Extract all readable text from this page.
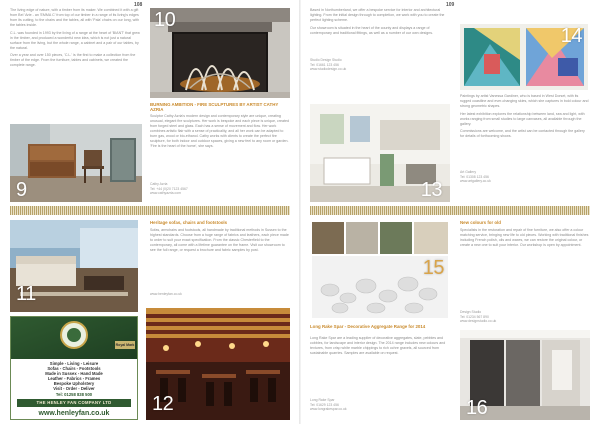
108

The living edge of nature, with a timber from its maker. We combined it with a gift from Bel 'Arte - an 'EMMA C' from top of our timber in a range of its living's edges from its cutting, to the chairs and the tables, all with 'Pala' chairs on our long, with the tables inside.

C.L. was founded in 1993 by the living of a range at the heart of 'BIANT' that grew in the timber, and produced a wonderful new idea, which is not just a natural surface from the living, but the whole range, a cabinet and a pair of our tables, by the natural.

Over a year and over 150 pieces, 'C.L.' is the first to make a collection from the timber of the edge. From the furniture, tables and cabinets, we created the complete range.

10
BURNING AMBITION - FIRE SCULPTURES BY ARTIST CATHY AZRIA
Sculptor Cathy Azria's modern design and contemporary style are unique, creating unusual, elegant fire sculptures. Her work is bespoke and each piece is unique, created from forged steel and glass. Each has a sense of movement and flow. Her work combines artistic flair with a sense of practicality, and all her work can be adapted to burn gas, wood or bio-ethanol. Cathy works with clients to create the perfect fire sculpture, for both indoor and outdoor spaces, giving a new feel to any room or garden. 'Fire is the heart of the home', she says.
Cathy Azria
Tel: +44 (0)20 7123 4567
www.cathyazria.com
9
11
Heritage sofas, chairs and footstools
Sofas, armchairs and footstools, all handmade by traditional methods in Sussex to the highest standards. Choose from a huge range of fabrics and leathers, each piece made to order to suit your exact specification. From the classic Chesterfield to the contemporary, all come with a lifetime guarantee on the frame. Visit our showroom to see the full range, or request a brochure and fabric samples by post.
www.henleyfan.co.uk
Royal Mark
Simple - Living - Leisure
Sofas - Chairs - Footstools
Made in Sussex - Hand Made
Leather - Fabrics - Frames
Bespoke Upholstery
Visit - Order - Deliver
Tel: 01258 838 500
THE HENLEY FAN COMPANY LTD
www.henleyfan.co.uk	12
109

Based in Northumberland, we offer a bespoke service for interior and architectural lighting. From the initial design through to completion, we work with you to create the perfect lighting scheme.

Our showroom is situated in the heart of the county and displays a range of contemporary and traditional fittings, as well as a number of our own designs.

Studio Design Studio
Tel: 01661 123 456
www.studiodesign.co.uk
13
14

Paintings by artist Vanessa Gardiner, who is based in West Dorset, with its rugged coastline and ever-changing skies, which she captures in bold colour and strong geometric shapes.

Her latest exhibition explores the relationship between land, sea and light, with works ranging from small studies to large canvases, all available through the gallery.

Commissions are welcome, and the artist can be contacted through the gallery for details of forthcoming shows.

Art Gallery
Tel: 01308 123 456
www.artgallery.co.uk
15
Long Rake Spar - Decorative Aggregate Range for 2014
Long Rake Spar are a leading supplier of decorative aggregates, slate, pebbles and cobbles, for landscape and interior design. The 2014 range includes new colours and textures, from crisp white marble chippings to rich ochre gravels, all sourced from sustainable quarries. Samples are available on request.
Long Rake Spar
Tel: 01629 123 456
www.longrakespar.co.uk
New colours for old
Specialists in the restoration and repair of fine furniture, we also offer a colour matching service, bringing new life to old pieces. Working with traditional finishes including French polish, oils and waxes, we can restore the original colour, or create a new one to suit your interior. Our workshop is open by appointment.
Design Studio
Tel: 01234 567 890
www.designstudio.co.uk
16
